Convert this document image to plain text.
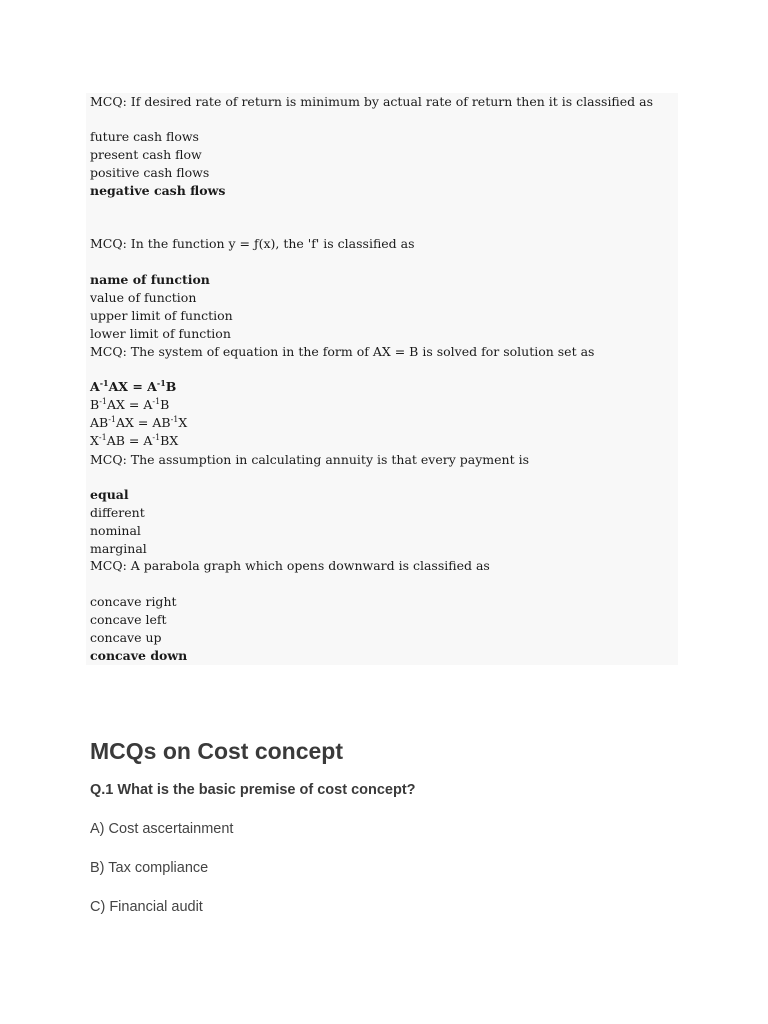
MCQ: If desired rate of return is minimum by actual rate of return then it is classified as
future cash flows
present cash flow
positive cash flows
negative cash flows
MCQ: In the function y = ƒ(x), the 'f' is classified as
name of function
value of function
upper limit of function
lower limit of function
MCQ: The system of equation in the form of AX = B is solved for solution set as
$A^{-1}AX = A^{-1}B$
$B^{-1}AX = A^{-1}B$
$AB^{-1}AX = AB^{-1}X$
$X^{-1}AB = A^{-1}BX$
MCQ: The assumption in calculating annuity is that every payment is
equal
different
nominal
marginal
MCQ: A parabola graph which opens downward is classified as
concave right
concave left
concave up
concave down
MCQs on Cost concept
Q.1 What is the basic premise of cost concept?
A) Cost ascertainment
B) Tax compliance
C) Financial audit
